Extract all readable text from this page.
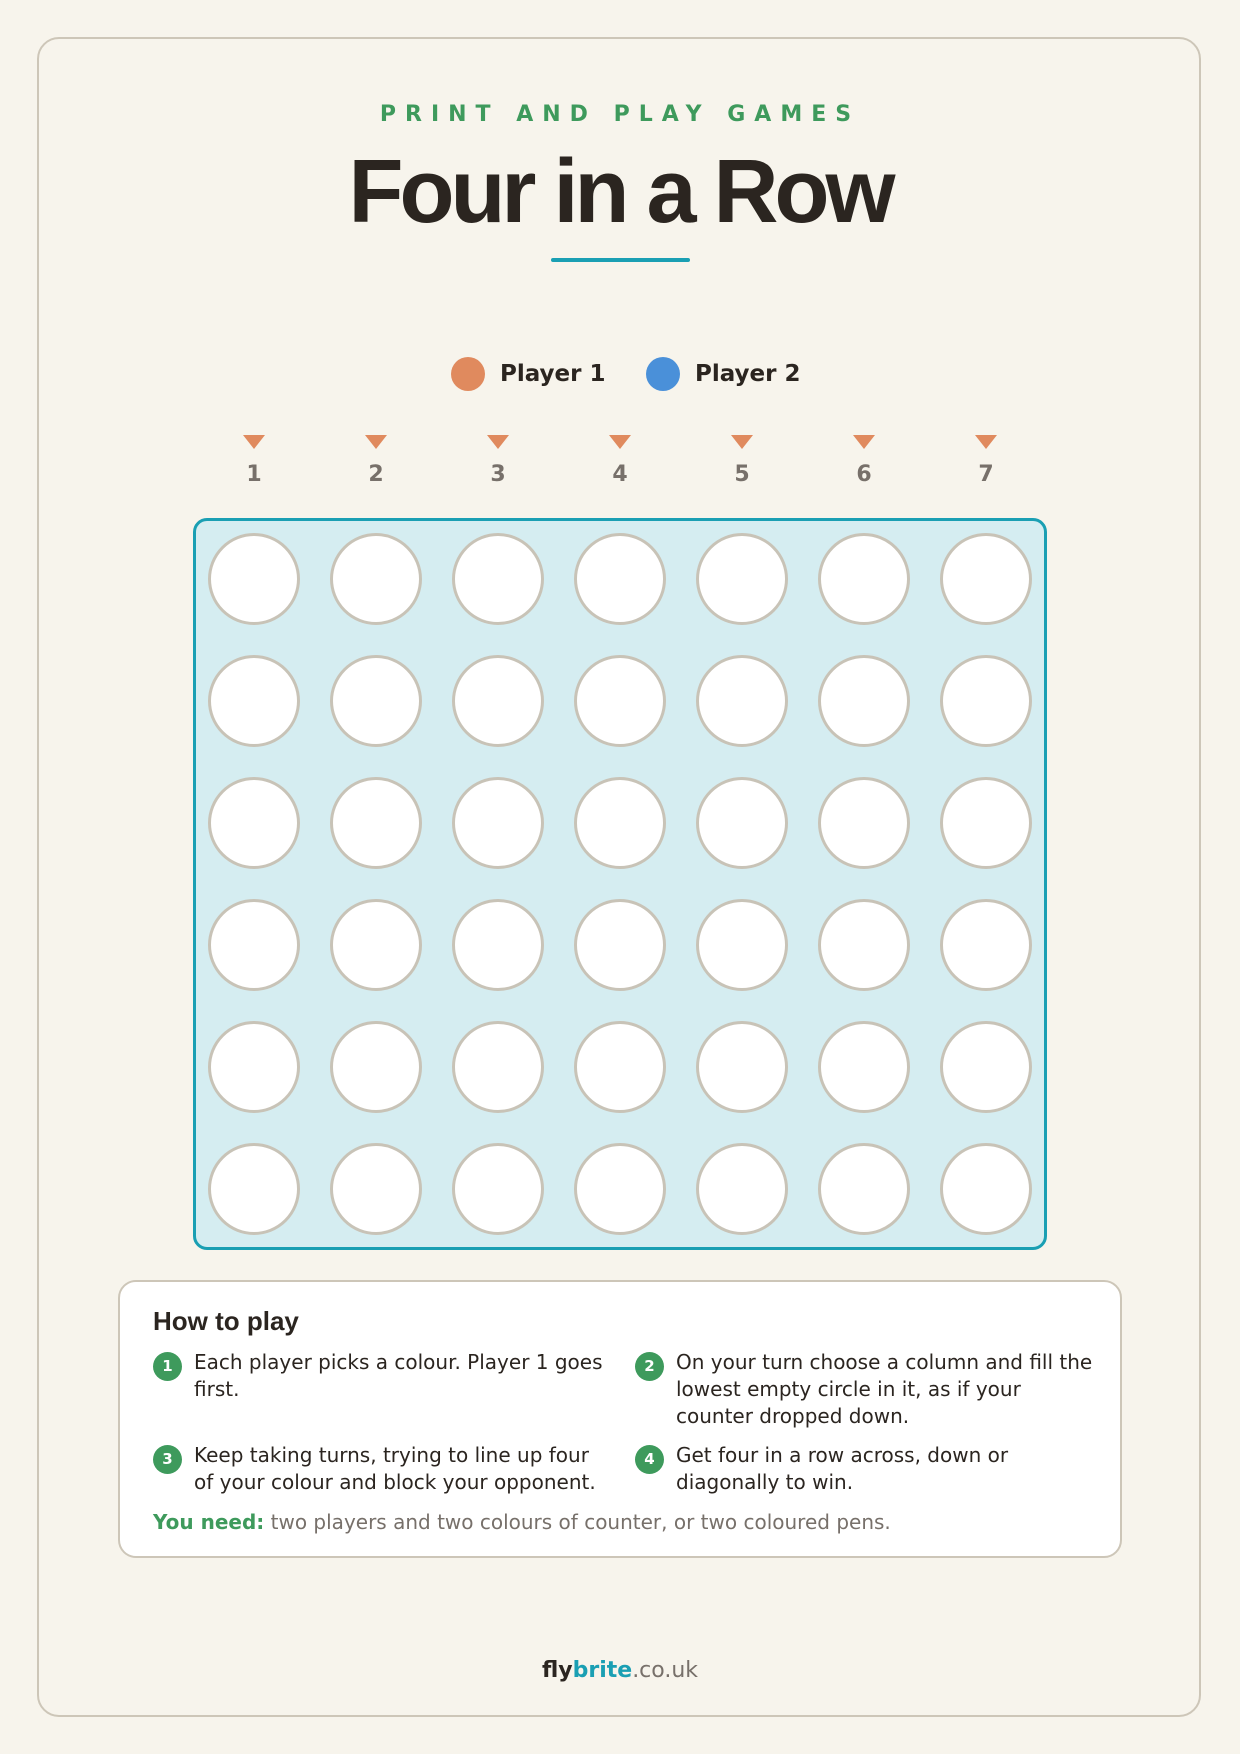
PRINT AND PLAY GAMES
Four in a Row
Player 1	Player 2
1	2	3	4	5	6	7
How to play
1	Each player picks a colour. Player 1 goes first.
2	On your turn choose a column and fill the lowest empty circle in it, as if your counter dropped down.
3	Keep taking turns, trying to line up four of your colour and block your opponent.
4	Get four in a row across, down or diagonally to win.
You need: two players and two colours of counter, or two coloured pens.
flybrite.co.uk
